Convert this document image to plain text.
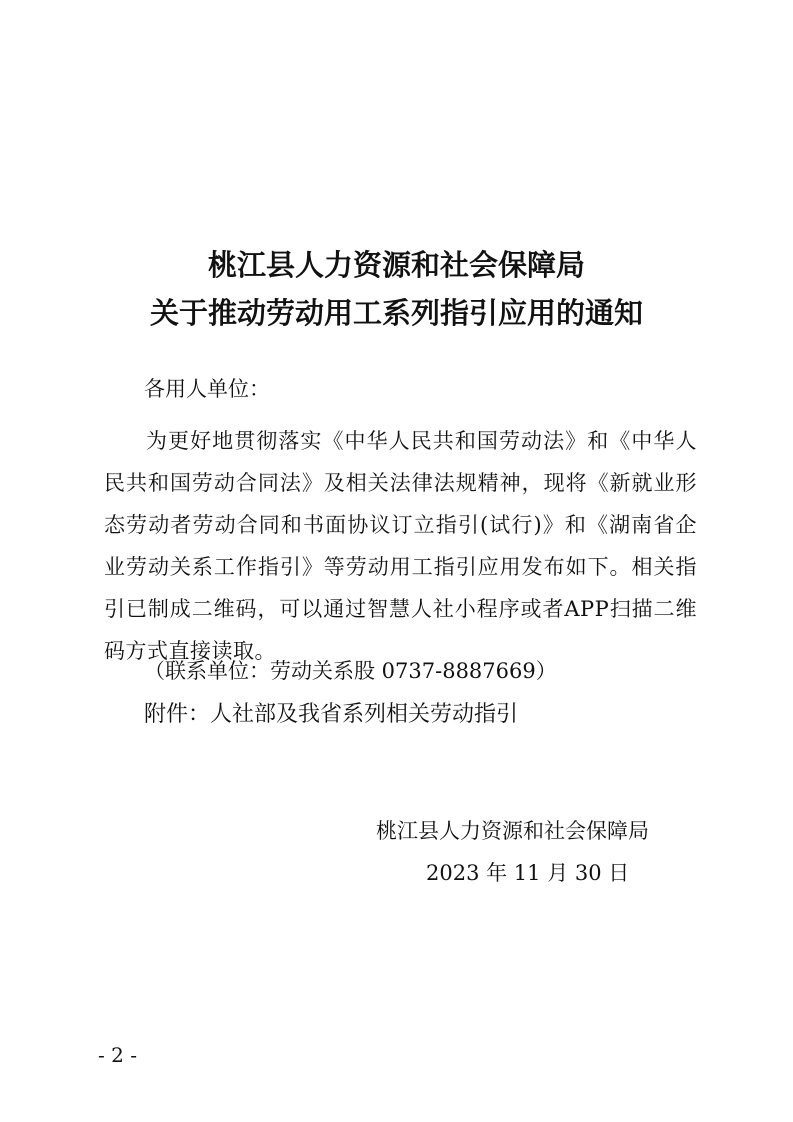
桃江县人力资源和社会保障局
关于推动劳动用工系列指引应用的通知
各用人单位：
为更好地贯彻落实《中华人民共和国劳动法》和《中华人民共和国劳动合同法》及相关法律法规精神，现将《新就业形态劳动者劳动合同和书面协议订立指引(试行)》和《湖南省企业劳动关系工作指引》等劳动用工指引应用发布如下。相关指引已制成二维码，可以通过智慧人社小程序或者APP扫描二维码方式直接读取。
（联系单位：劳动关系股 0737-8887669）
附件：人社部及我省系列相关劳动指引
桃江县人力资源和社会保障局
2023 年 11 月 30 日
- 2 -
